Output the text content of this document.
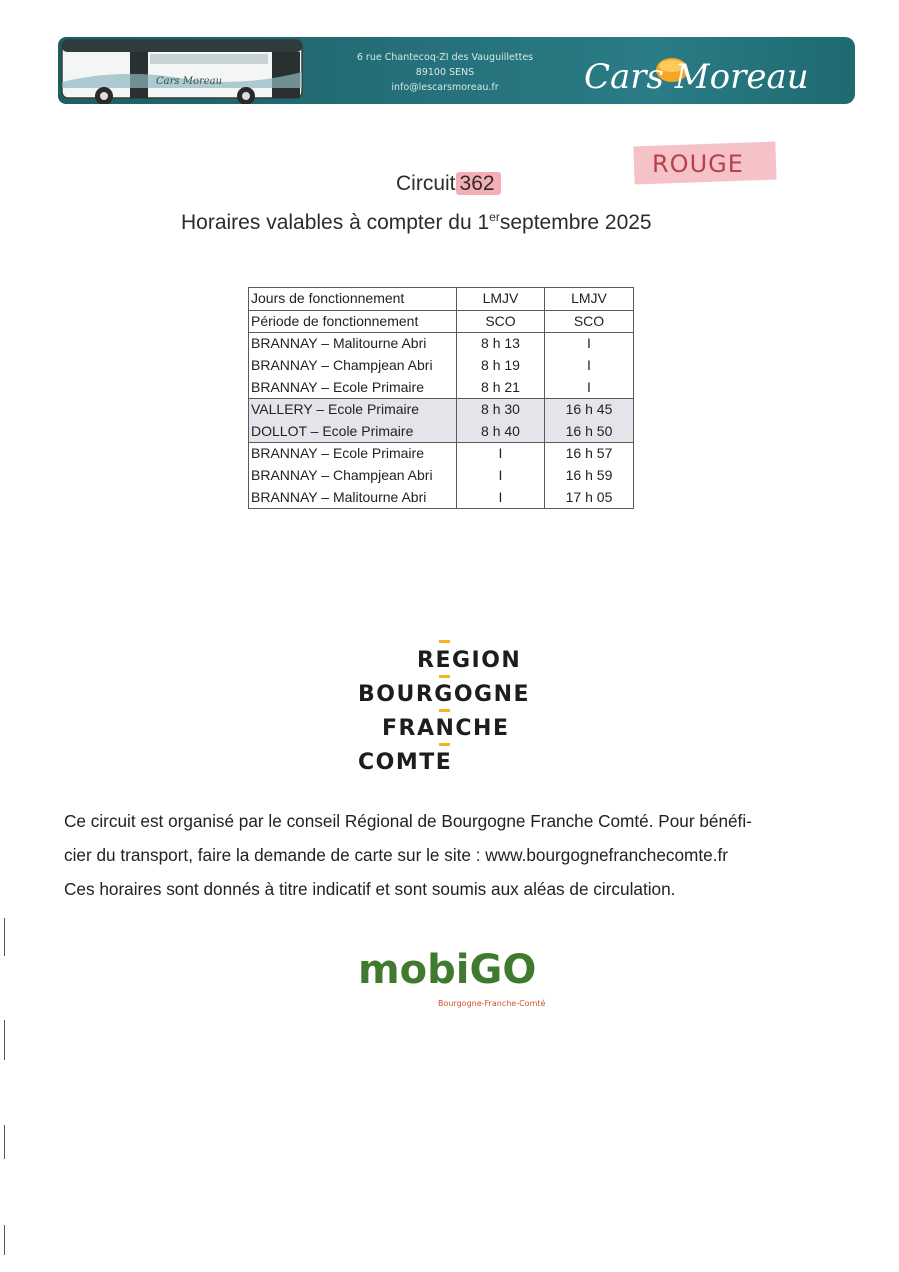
Cars Moreau
6 rue Chantecoq-ZI des Vauguillettes
89100 SENS
info@lescarsmoreau.fr	Cars Moreau
Circuit 362
ROUGE
Horaires valables à compter du 1erseptembre 2025
Jours de fonctionnement	LMJV	LMJV
Période de fonctionnement	SCO	SCO
BRANNAY – Malitourne Abri	8 h 13	I
BRANNAY – Champjean Abri	8 h 19	I
BRANNAY – Ecole Primaire	8 h 21	I
VALLERY – Ecole Primaire	8 h 30	16 h 45
DOLLOT – Ecole Primaire	8 h 40	16 h 50
BRANNAY – Ecole Primaire	I	16 h 57
BRANNAY – Champjean Abri	I	16 h 59
BRANNAY – Malitourne Abri	I	17 h 05
REGION
BOURGOGNE
FRANCHE
COMTE

Ce circuit est organisé par le conseil Régional de Bourgogne Franche Comté. Pour bénéfi-

cier du transport, faire la demande de carte sur le site : www.bourgognefranchecomte.fr

Ces horaires sont donnés à titre indicatif et sont soumis aux aléas de circulation.

mobiGO
Bourgogne-Franche-Comté
